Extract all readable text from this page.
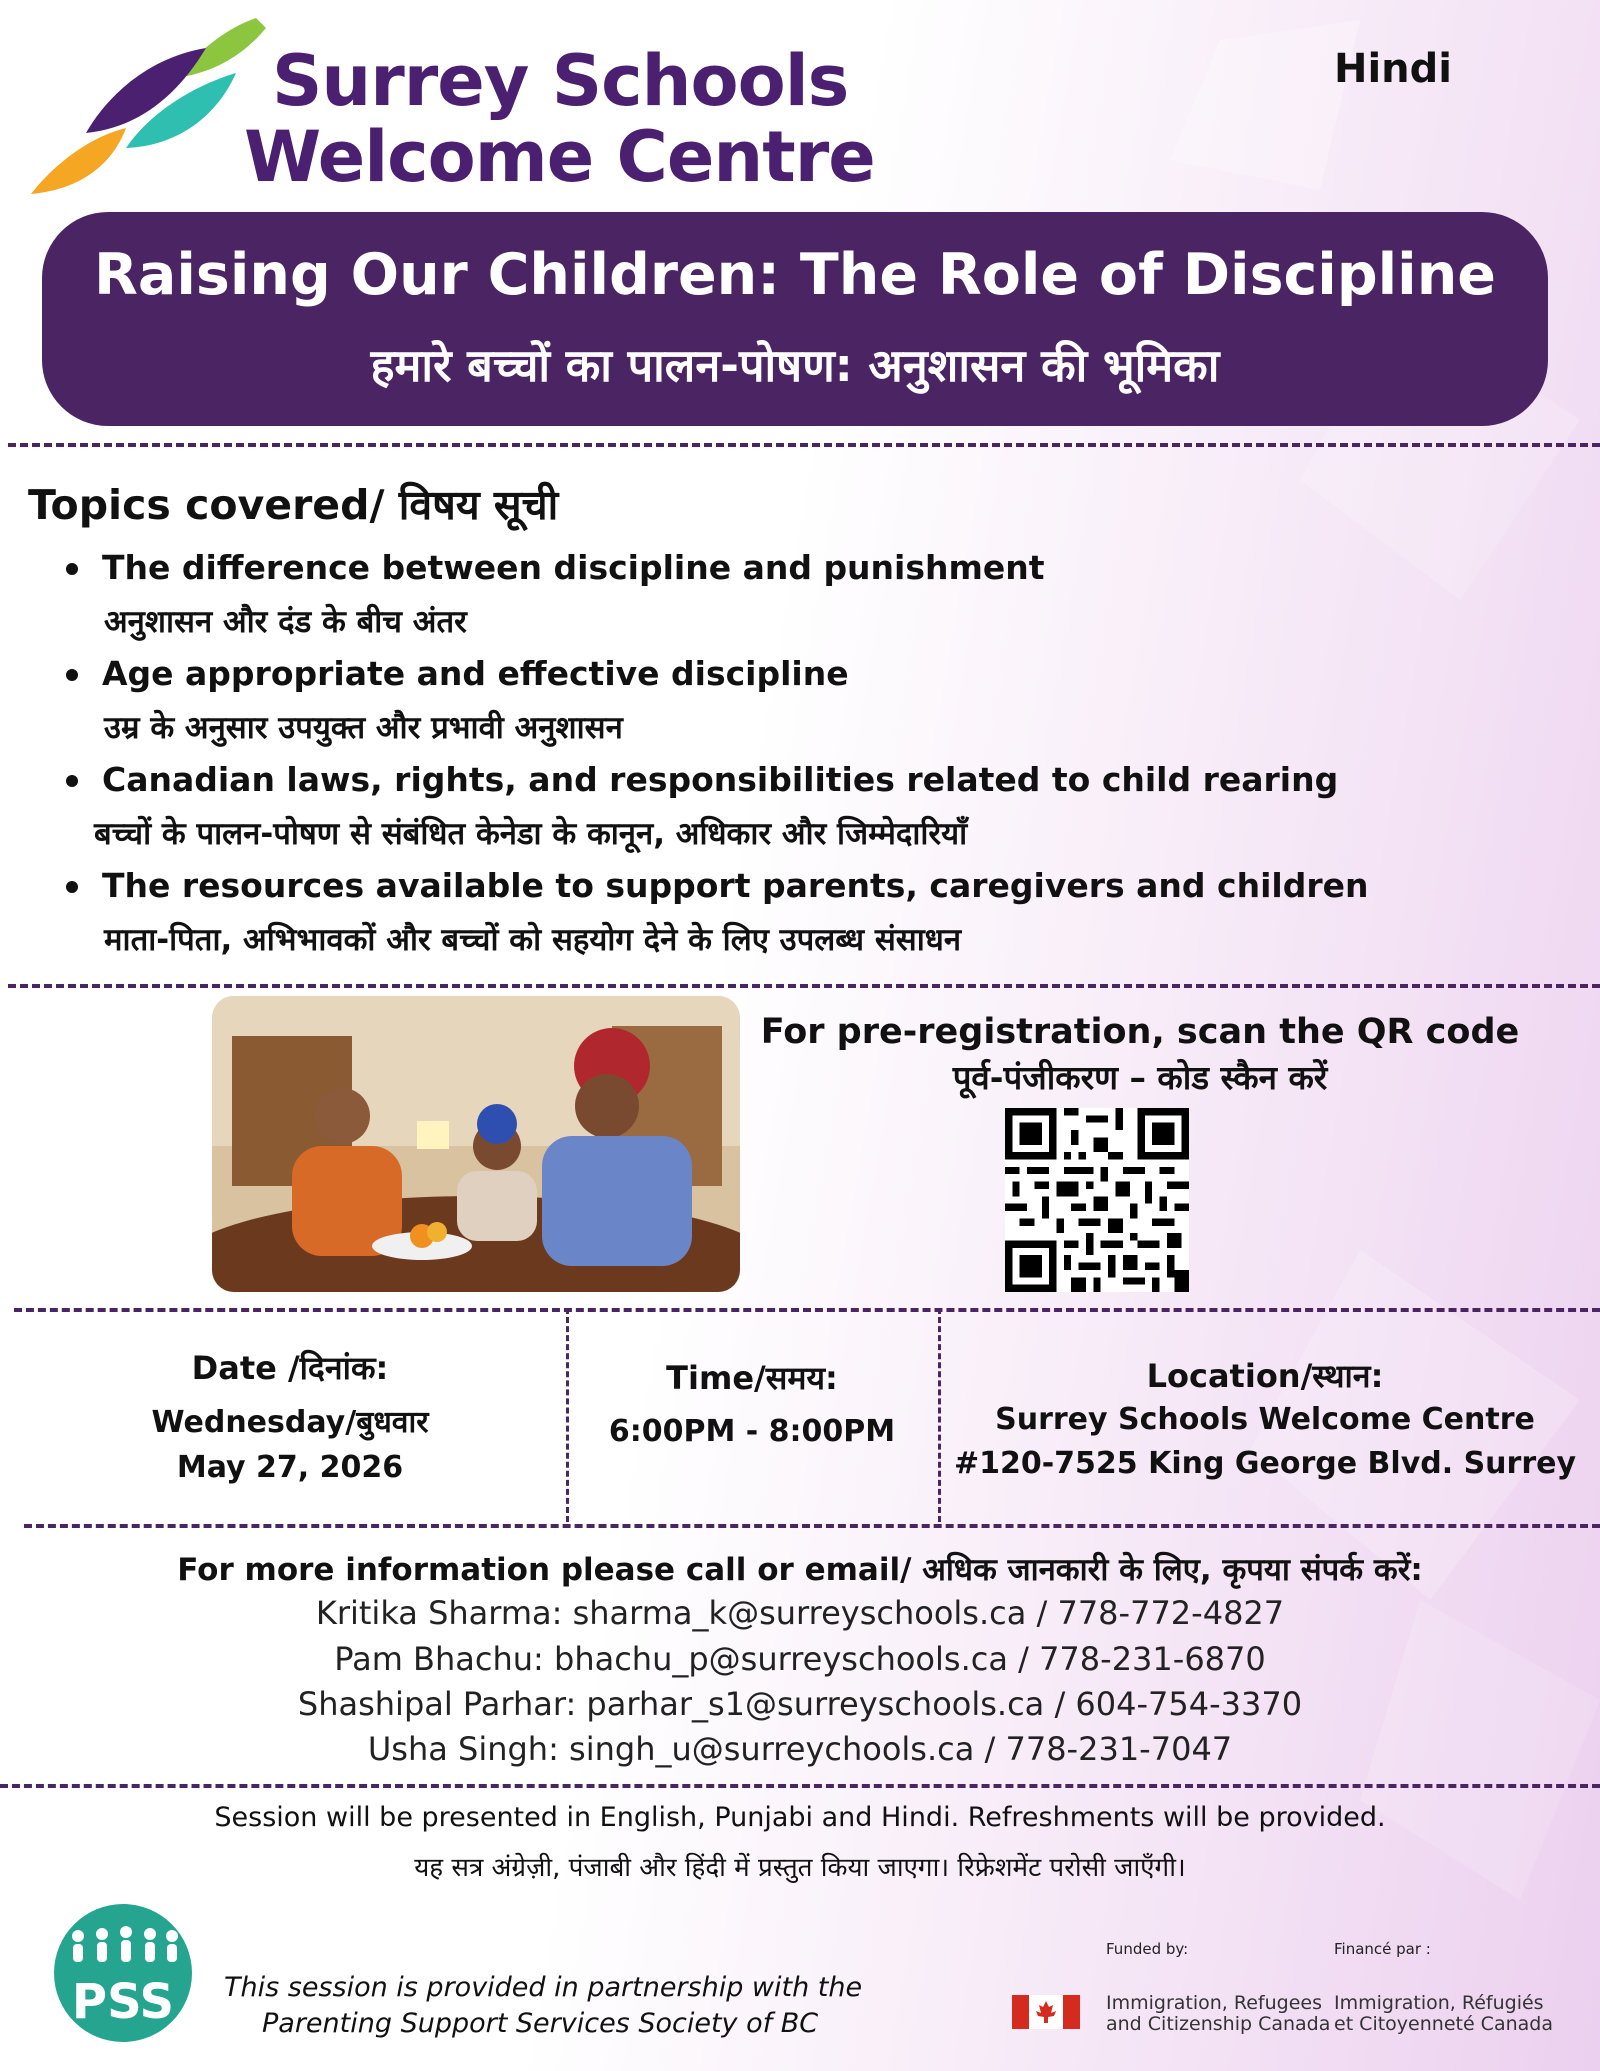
Surrey Schools
Welcome Centre
Hindi
Raising Our Children: The Role of Discipline
हमारे बच्चों का पालन-पोषण: अनुशासन की भूमिका
Topics covered/ विषय सूची
The difference between discipline and punishment
अनुशासन और दंड के बीच अंतर
Age appropriate and effective discipline
उम्र के अनुसार उपयुक्त और प्रभावी अनुशासन
Canadian laws, rights, and responsibilities related to child rearing
बच्चों के पालन-पोषण से संबंधित केनेडा के कानून, अधिकार और जिम्मेदारियाँ
The resources available to support parents, caregivers and children
माता-पिता, अभिभावकों और बच्चों को सहयोग देने के लिए उपलब्ध संसाधन
For pre-registration, scan the QR code
पूर्व-पंजीकरण – कोड स्कैन करें
Date /दिनांक:
Wednesday/बुधवार
May 27, 2026
Time/समय:
6:00PM - 8:00PM
Location/स्थान:
Surrey Schools Welcome Centre
#120-7525 King George Blvd. Surrey
For more information please call or email/ अधिक जानकारी के लिए, कृपया संपर्क करें:
Kritika Sharma: sharma_k@surreyschools.ca / 778-772-4827
Pam Bhachu: bhachu_p@surreyschools.ca / 778-231-6870
Shashipal Parhar: parhar_s1@surreyschools.ca / 604-754-3370
Usha Singh: singh_u@surreychools.ca / 778-231-7047
Session will be presented in English, Punjabi and Hindi. Refreshments will be provided.
यह सत्र अंग्रेज़ी, पंजाबी और हिंदी में प्रस्तुत किया जाएगा। रिफ्रेशमेंट परोसी जाएँगी।
PSS	This session is provided in partnership with the
Parenting Support Services Society of BC
Funded by:	Financé par :
Immigration, Refugees
and Citizenship Canada
Immigration, Réfugiés
et Citoyenneté Canada
